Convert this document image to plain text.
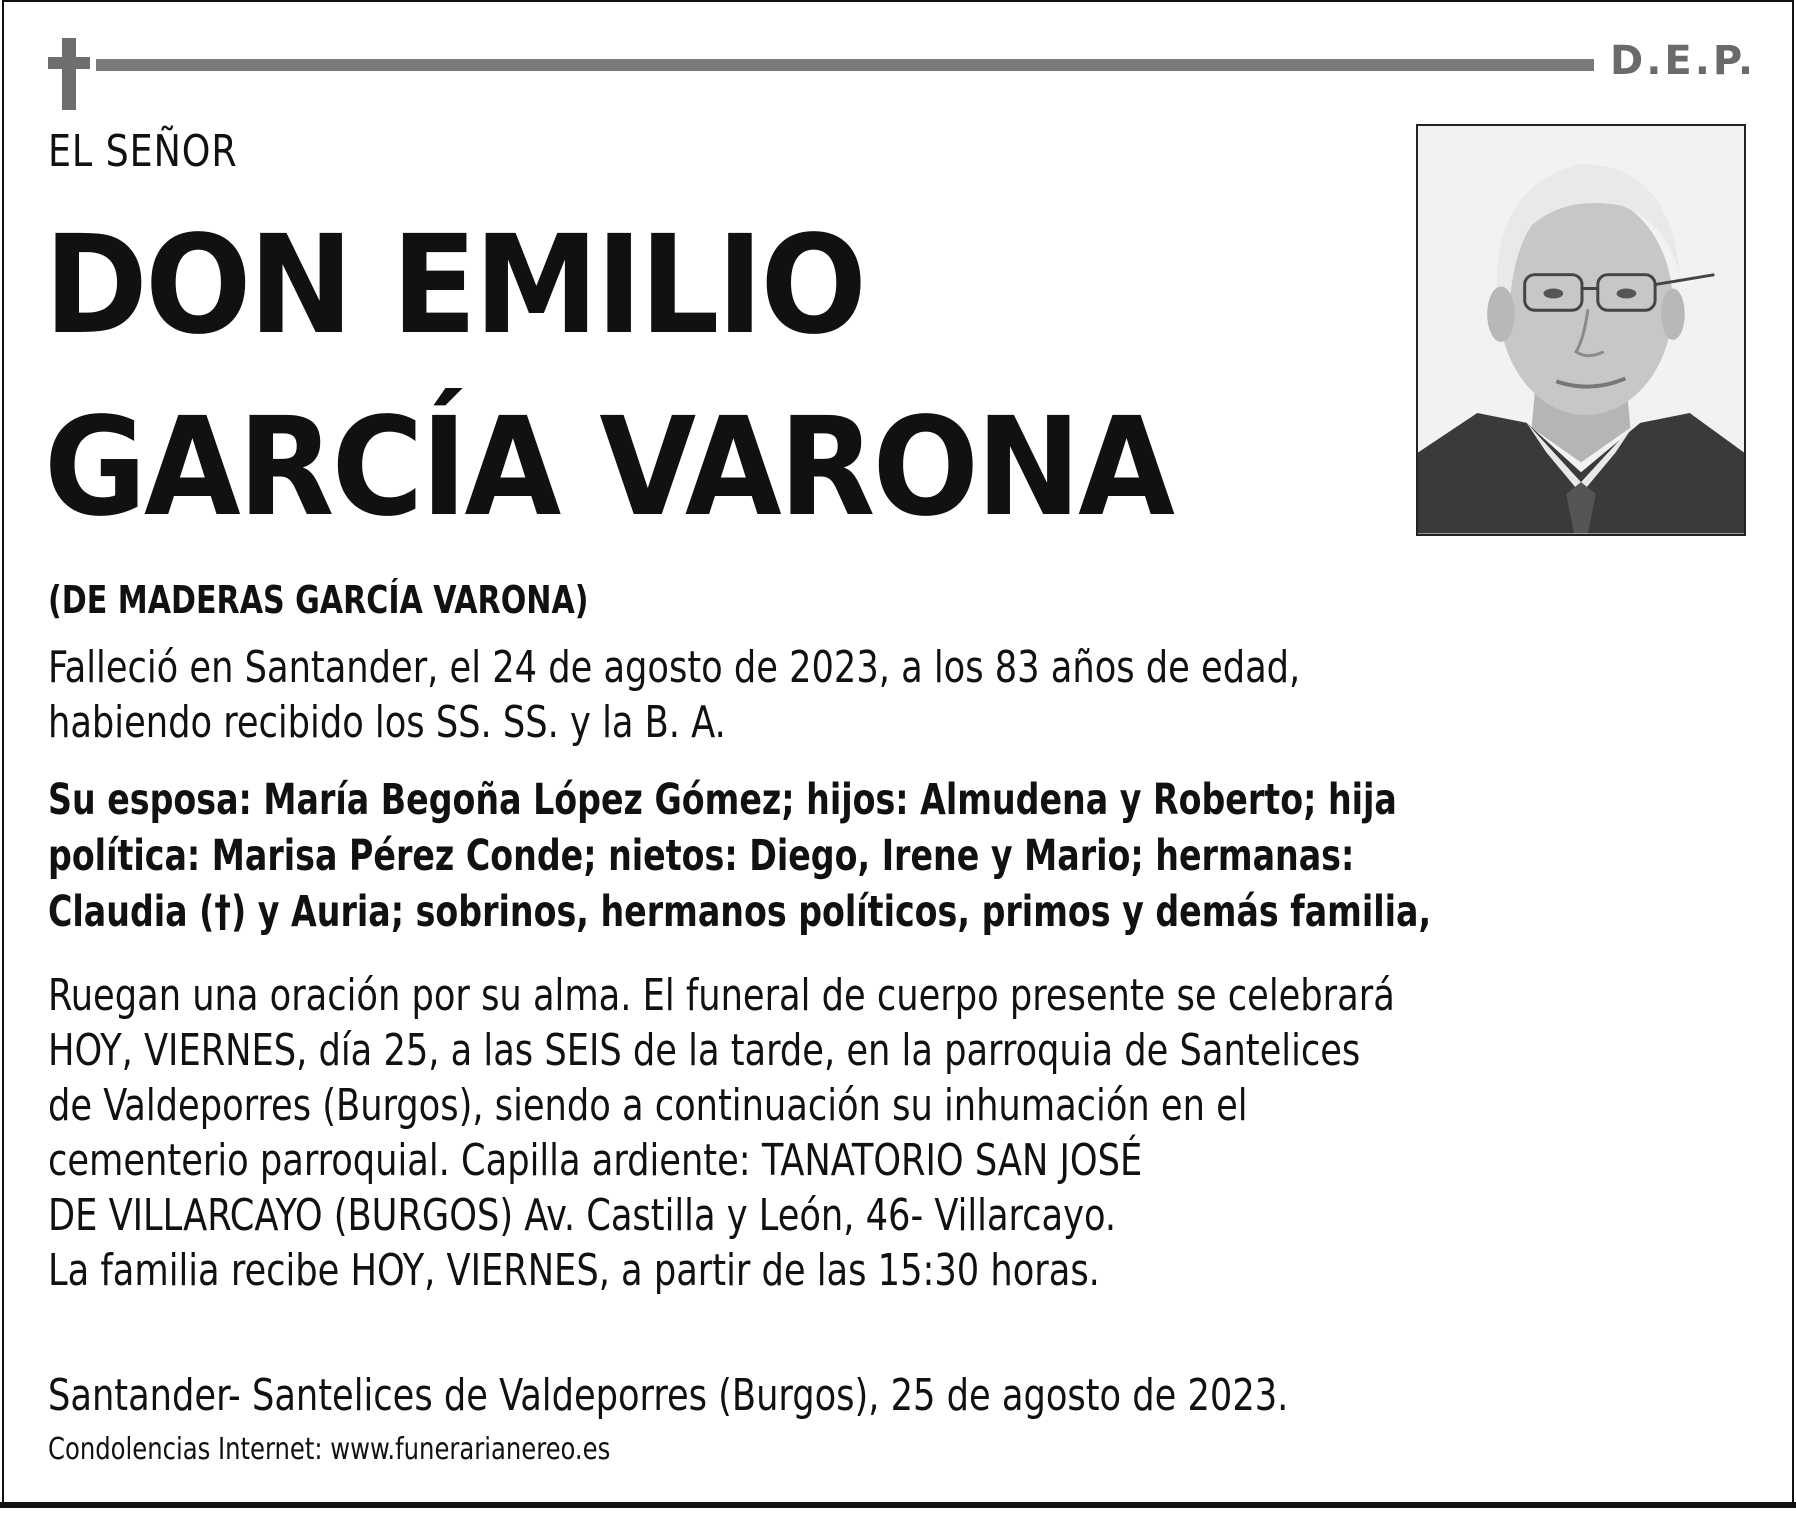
D.E.P.
EL SEÑOR
DON EMILIO
GARCÍA VARONA
(DE MADERAS GARCÍA VARONA)
Falleció en Santander, el 24 de agosto de 2023, a los 83 años de edad,
habiendo recibido los SS. SS. y la B. A.
Su esposa: María Begoña López Gómez; hijos: Almudena y Roberto; hija
política: Marisa Pérez Conde; nietos: Diego, Irene y Mario; hermanas:
Claudia (†) y Auria; sobrinos, hermanos políticos, primos y demás familia,
Ruegan una oración por su alma. El funeral de cuerpo presente se celebrará
HOY, VIERNES, día 25, a las SEIS de la tarde, en la parroquia de Santelices
de Valdeporres (Burgos), siendo a continuación su inhumación en el
cementerio parroquial. Capilla ardiente: TANATORIO SAN JOSÉ
DE VILLARCAYO (BURGOS) Av. Castilla y León, 46- Villarcayo.
La familia recibe HOY, VIERNES, a partir de las 15:30 horas.
Santander- Santelices de Valdeporres (Burgos), 25 de agosto de 2023.
Condolencias Internet: www.funerarianereo.es
